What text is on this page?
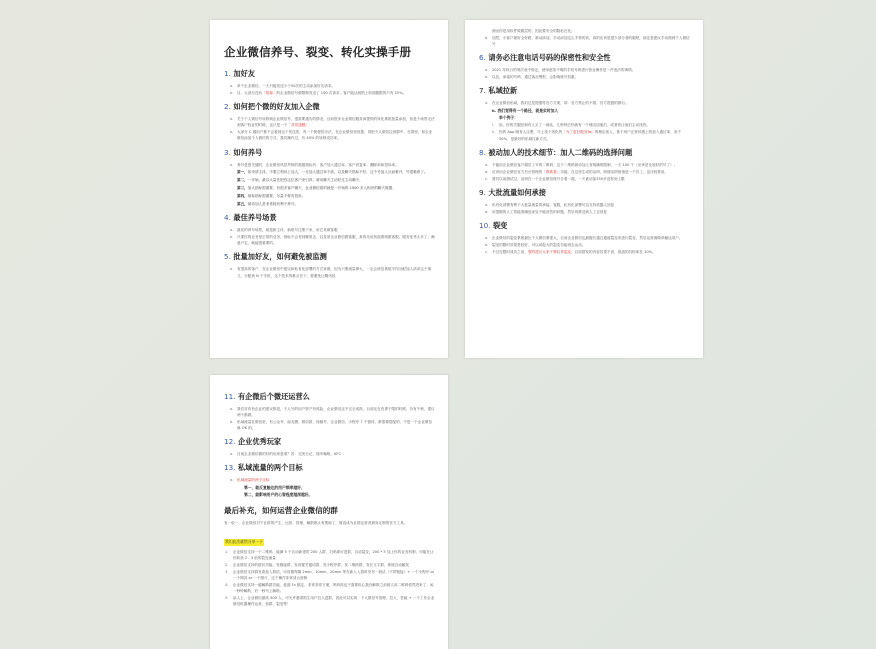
企业微信养号、裂变、转化实操手册
1. 加好友
a. 单个企业微信，一天只能发送少于50次的主动添加好友请求。
b. 目，大部分没有「招募」的企业微信号被限制发送了 100 次请求，客户能达到纳上收到题限的只有 10%。
2. 如何把个微的好友加入企微
a. 关于个人微信号转移到企业微信号，很需要通告的情况，目前很多企业微信服务商提供的转化系统批量添加，但是个场景无法到客户验证的时候，也只是一个「非常遗憾」
b. 大部分 C 端用户都不会看到这个发送的，有一个简便的办法，在企业微信里设置，再把个人微信拉到群中，在群里，和企业微信添加个人微信的方式，我们操作过，有 40% 的转移成功率。
3. 如何养号
a. 养号是很关键的，企业微信风控考核的数据指标有：客户加入通过率、客户回复率、删除率和投诉率。
第一，如申请主体，不要立刻向上加人，一旦加人通过率不高，以及聊天指标不好，这个号加人反而难开，号很难养了。
第二，一开始，最以大量先把你这位客户来引荐，被动聊天主动好过主动聊天；
第三，加大指标很重要，有很多客户聊天，企业微信看的就是一开始的 1000 多人相识的聊天数据；
第四，指标指标很重要，尽量不要有投诉；
第五，被动加人是非常耗有利于养号。
4. 最佳养号场景
a. 最佳的养号场景，就是新主体、新账号注册下来，用它来做客服
b. 只要你的业务是正常的业务，指标不会差到哪里去，以及用企业微信做客服，真的比用其他系统做客服，服务优秀太多了，满意户定，就能很重要的。
5. 批量加好友，如何避免被监测
a. 有很高的客户，在企业微信中建议和私有化部署的方式来做，因为只要流量够大，一定会涉及系统平均分配加人请求这个事儿，分配到 N 个手机，这个技术的难点在于，要避免让腾讯检
测出你是用软件做服层的，因此要安全的隐私在化。
b. 加然，小客户最好全好路，被动添加，手动添加这么手势的话，真的应该是很少部分者的服吧，那还是建议手动做到个人微信号
6. 请务必注意电话号码的保密性和安全性
a. 2021 年执行的刑法表中规定，使用虚拟不明的手机号码进行营业操作是一件违法的事情。
b. 以及，承接的号码，通过客况筹报，会影响账号权重。
7. 私域拉新
a. 在企业微信私域，我们还是提倡符官方方案，即：官方禁止的不推，官方提倡的都行。
b. 我们觉得有一个路径，就是实时加人
举个例子：
i. 如，你的关服回到有人买了一商品，几秒钟后你就有一个理由加他们，或者你让他们主动找你。
ii. 你的 App 刚有人注册，马上找个美化的「为了更好服务Ta」的理由加人，基于用户正常体感上的加入通过率，高于 30%，是最好的私域拉新方式。
8. 被动加人的技术细节：加人二维码的选择问题
a. 不能用企业微信客户端员工号的二维码，这个二维码被动加人有明确的限制，一天 100 个（应该是比较好的号了）；
b. 应该用企业微信官方后台管理的「联系我」功能，在这里生成的活码，即便活码指指是一个员工，也比较着用。
c. 我们以前测试过，活码在一个企业微信账号分着一端，一天被动加250多没有到上限
9. 大批流量如何承接
a. 私有化部署有利于大批量流量的承接、客服，私有化部署可以支持机器人回复
b. 用很敬的人工智能准确选来处不能回答的问题，然后再推送到人工去回复
10. 裂变
a. 企业微信的裂变系统最比个人微信要强大，目前企业微信也最擅长通过通道裂变来进行裂变，然后运营赛微单触达用户。
b. 裂变的限时效果是较好，可以用促大的裂变功能再去运动。
c. 不过在限时成功之前，强烈建议大家不要轻易裂变，目前群发的内容效果不高，挑战的抖粉率在 10%。
11. 有企微后个微还运营么
a. 我们对有有企业的建议都是，个人号的用户资产有风险，企业微信还不完全成熟，目前还在有勇于限的时候，各有千秋，建议两个都做。
b. 私域流量在微信里，有公众号、朋友圈、微信群、视频号、企业微信、小程序 7 个窗体，都需要搭配的，不是一个企业微信就 OK 的。
12. 企业优秀玩家
a. 目前企业微信做的好的玩家是谁？答：完美日记、瑞幸咖啡、KFC
13. 私域流量的两个目标
a. 私域流量的两个目标
第一，能反复触达的用户频率越好；
第二，能影响用户的心智程度越深越好。
最后补充，如何运营企业微信的群
有一说一，企业微信对于社群的产生、运营、管理、解散都太有帮助了，简直成为社群运营者最身定制的官方工具。
我们此次就给分享一下
1. 企业微信支持一个二维码，能满 5 个自动新建的 200 人群，扫码即可进群，自动裂变，200 * 5 加上你的业务机制，可能在让你收获 2 - 3 倍的裂变流量
2. 企业微信支持的群状功能，发链接群、发设置关键词群、发小程序群、发二维码群、发长文字群，系统自动触发
3. 企业微信支持群发欢迎入群语，可设置每隔 2min、10min、20min 等在新人入群时发布一段话（不带链接）+ 一个小程序 or 一个网页 or 一个图片，这个操作非常适合营销
4. 企业微信支持一键解散群功能，盘面 1s 搞定，非常非常方便，妈妈再也不需要担心我在解散之前被人用二维码依然进来了，闲一秒钟解散，后一秒马上解散。
5. 添人上，企业微信最高 500 人，可允许邀请陌生用户拉人进群，因此可以实现：个人微信号管理、拉人、答疑 + 一个工作企业微信机器操作运营、营群、裂变等！
